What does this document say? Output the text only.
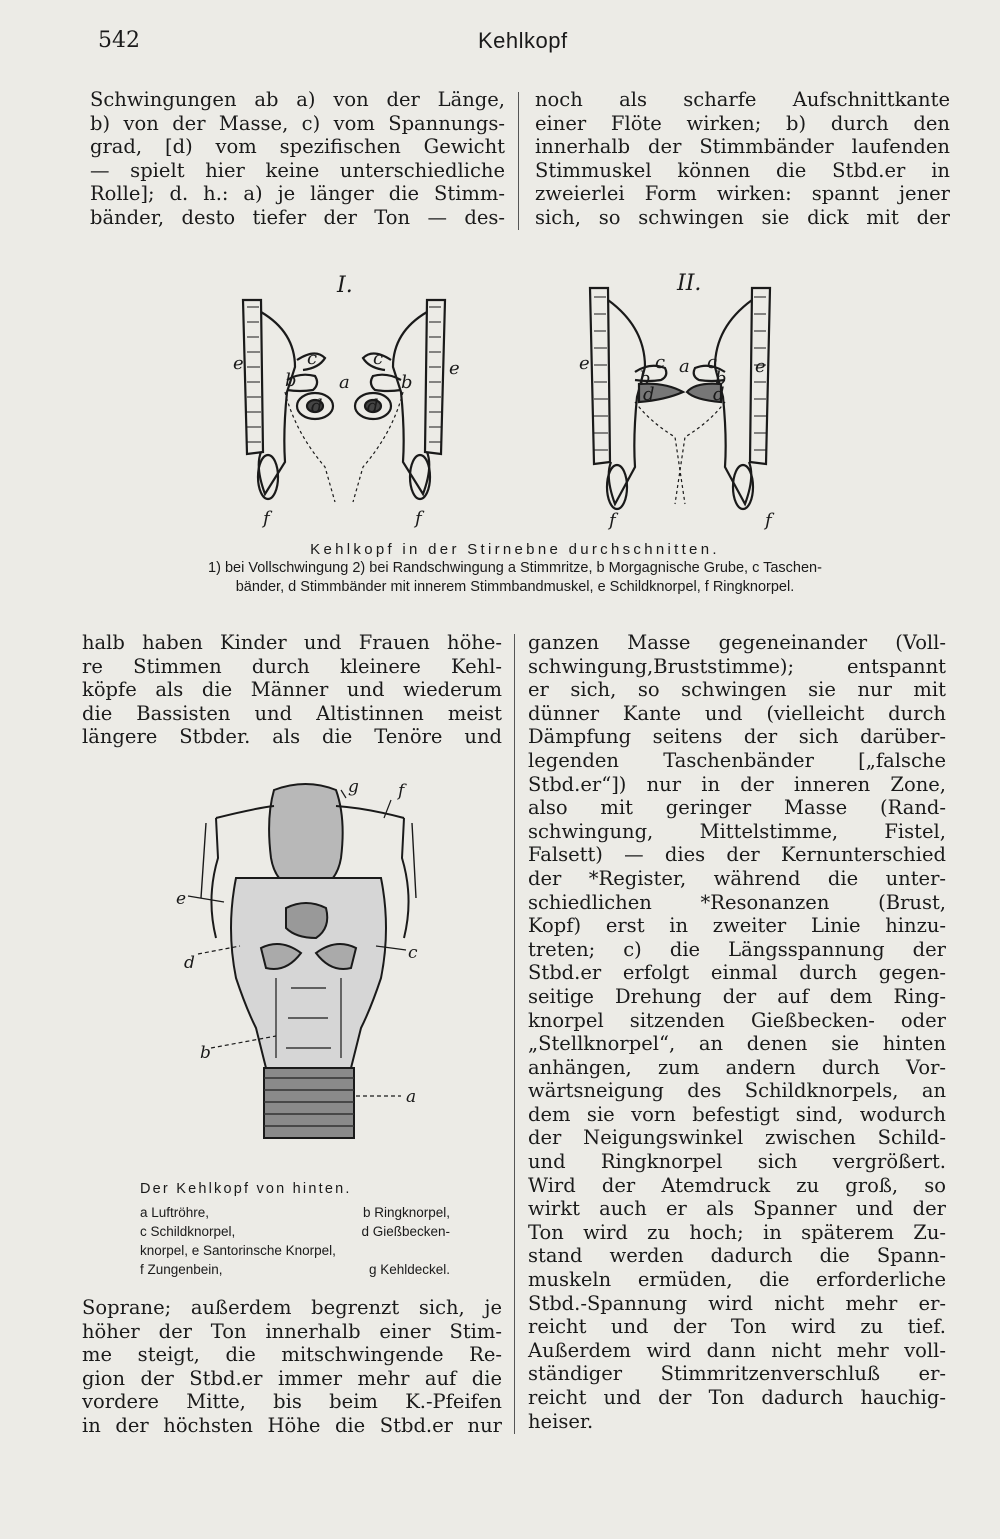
542	Kehlkopf

Schwingungen ab a) von der Länge,

b) von der Masse, c) vom Spannungs-

grad, [d) vom spezifischen Gewicht

— spielt hier keine unterschiedliche

Rolle]; d. h.: a) je länger die Stimm-

bänder, desto tiefer der Ton — des-

noch als scharfe Aufschnittkante

einer Flöte wirken; b) durch den

innerhalb der Stimmbänder laufenden

Stimmuskel können die Stbd.er in

zweierlei Form wirken: spannt jener

sich, so schwingen sie dick mit der

I.	II.
e
a
b
c
d
f
e
b
c
d
f
e	a
b
c
d
f
e
c
b
d
f
Kehlkopf in der Stirnebne durchschnitten.
1) bei Vollschwingung 2) bei Randschwingung a Stimmritze, b Morgagnische Grube, c Taschen-
bänder, d Stimmbänder mit innerem Stimmbandmuskel, e Schildknorpel, f Ringknorpel.

halb haben Kinder und Frauen höhe-

re Stimmen durch kleinere Kehl-

köpfe als die Männer und wiederum

die Bassisten und Altistinnen meist

längere Stbder. als die Tenöre und

g f
e
c
d
b
a
Der Kehlkopf von hinten.
a Luftröhre,	b Ringknorpel,
c Schildknorpel,	d Gießbecken-
knorpel, e Santorinsche Knorpel,
f Zungenbein,	g Kehldeckel.

Soprane; außerdem begrenzt sich, je

höher der Ton innerhalb einer Stim-

me steigt, die mitschwingende Re-

gion der Stbd.er immer mehr auf die

vordere Mitte, bis beim K.-Pfeifen

in der höchsten Höhe die Stbd.er nur

ganzen Masse gegeneinander (Voll-

schwingung,Bruststimme); entspannt

er sich, so schwingen sie nur mit

dünner Kante und (vielleicht durch

Dämpfung seitens der sich darüber-

legenden Taschenbänder [„falsche

Stbd.er“]) nur in der inneren Zone,

also mit geringer Masse (Rand-

schwingung, Mittelstimme, Fistel,

Falsett) — dies der Kernunterschied

der *Register, während die unter-

schiedlichen *Resonanzen (Brust,

Kopf) erst in zweiter Linie hinzu-

treten; c) die Längsspannung der

Stbd.er erfolgt einmal durch gegen-

seitige Drehung der auf dem Ring-

knorpel sitzenden Gießbecken- oder

„Stellknorpel“, an denen sie hinten

anhängen, zum andern durch Vor-

wärtsneigung des Schildknorpels, an

dem sie vorn befestigt sind, wodurch

der Neigungswinkel zwischen Schild-

und Ringknorpel sich vergrößert.

Wird der Atemdruck zu groß, so

wirkt auch er als Spanner und der

Ton wird zu hoch; in späterem Zu-

stand werden dadurch die Spann-

muskeln ermüden, die erforderliche

Stbd.-Spannung wird nicht mehr er-

reicht und der Ton wird zu tief.

Außerdem wird dann nicht mehr voll-

ständiger Stimmritzenverschluß er-

reicht und der Ton dadurch hauchig-

heiser.
